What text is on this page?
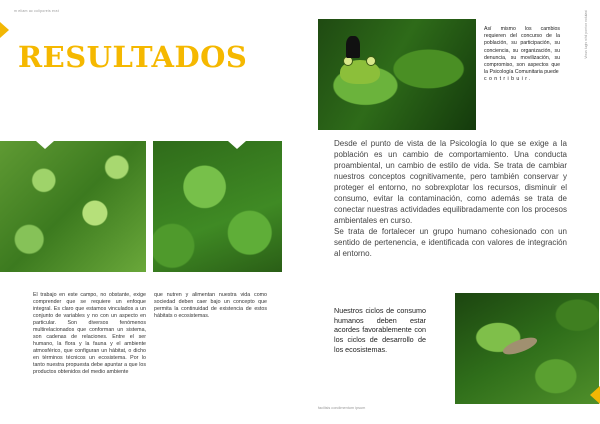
m eliam ac coliporeis erat
RESULTADOS
El trabajo en este campo, no obstante, exige comprender que se requiere un enfoque integral. Es claro que estamos vinculados a un conjunto de variables y no con un aspecto en particular. Son diversos fenómenos multirelacionados que conforman un sistema, son cadenas de relaciones. Entre el ser humano, la flora y la fauna y el ambiente atmosférico, que configuran un hábitat, o dicho en términos técnicos un ecosistema. Por lo tanto nuestra propuesta debe apuntar a que los productos obtenidos del medio ambiente
que nutren y alimentan nuestra vida como sociedad deben caer bajo un concepto que permita la continuidad de existencia de estos hábitats o ecosistemas.
Así mismo los cambios requieren del concurso de la población, su participación, su conciencia, su organización, su denuncia, su movilización, su compromiso, son aspectos que la Psicología Comunitaria puede
contribuir.
Vinus lugis nihil porrion volutasi

Desde el punto de vista de la Psicología lo que se exige a la población es un cambio de comportamiento. Una conducta proambiental, un cambio de estilo de vida. Se trata de cambiar nuestros conceptos cognitivamente, pero también conservar y proteger el entorno, no sobrexplotar los recursos, disminuir el consumo, evitar la contaminación, como además se trata de conectar nuestras actividades equilibradamente con los procesos ambientales en curso.

Se trata de fortalecer un grupo humano cohesionado con un sentido de pertenencia, e identificada con valores de integración al entorno.

Nuestros ciclos de consumo humanos deben estar acordes favorablemente con los ciclos de desarrollo de los ecosistemas.
facilisis condimentum ipsum
